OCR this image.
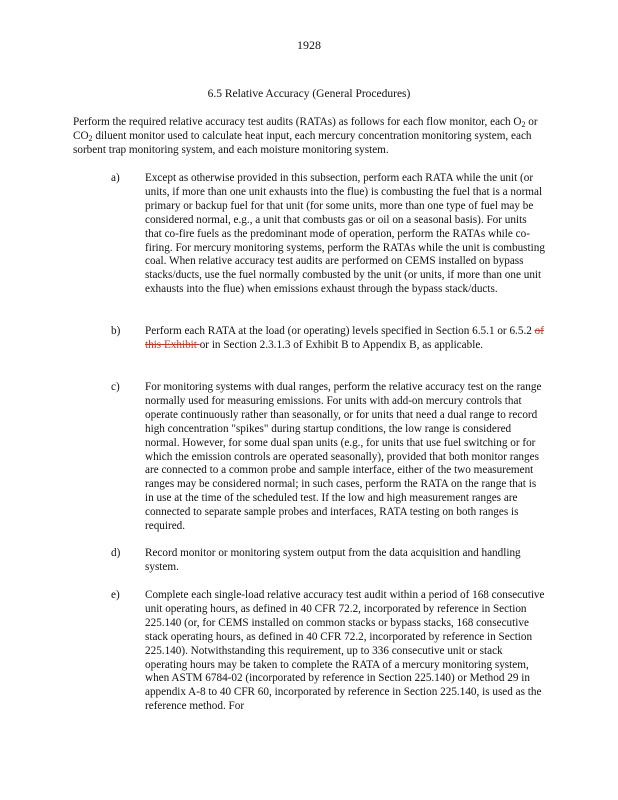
1928
6.5 Relative Accuracy (General Procedures)
Perform the required relative accuracy test audits (RATAs) as follows for each flow monitor, each $O_2$ or $CO_2$ diluent monitor used to calculate heat input, each mercury concentration monitoring system, each sorbent trap monitoring system, and each moisture monitoring system.
a)	Except as otherwise provided in this subsection, perform each RATA while the unit (or units, if more than one unit exhausts into the flue) is combusting the fuel that is a normal primary or backup fuel for that unit (for some units, more than one type of fuel may be considered normal, e.g., a unit that combusts gas or oil on a seasonal basis). For units that co-fire fuels as the predominant mode of operation, perform the RATAs while co-firing. For mercury monitoring systems, perform the RATAs while the unit is combusting coal. When relative accuracy test audits are performed on CEMS installed on bypass stacks/ducts, use the fuel normally combusted by the unit (or units, if more than one unit exhausts into the flue) when emissions exhaust through the bypass stack/ducts.
b)	Perform each RATA at the load (or operating) levels specified in Section 6.5.1 or 6.5.2 of this Exhibit or in Section 2.3.1.3 of Exhibit B to Appendix B, as applicable.
c)	For monitoring systems with dual ranges, perform the relative accuracy test on the range normally used for measuring emissions. For units with add-on mercury controls that operate continuously rather than seasonally, or for units that need a dual range to record high concentration "spikes" during startup conditions, the low range is considered normal. However, for some dual span units (e.g., for units that use fuel switching or for which the emission controls are operated seasonally), provided that both monitor ranges are connected to a common probe and sample interface, either of the two measurement ranges may be considered normal; in such cases, perform the RATA on the range that is in use at the time of the scheduled test. If the low and high measurement ranges are connected to separate sample probes and interfaces, RATA testing on both ranges is required.
d)	Record monitor or monitoring system output from the data acquisition and handling system.
e)	Complete each single-load relative accuracy test audit within a period of 168 consecutive unit operating hours, as defined in 40 CFR 72.2, incorporated by reference in Section 225.140 (or, for CEMS installed on common stacks or bypass stacks, 168 consecutive stack operating hours, as defined in 40 CFR 72.2, incorporated by reference in Section 225.140). Notwithstanding this requirement, up to 336 consecutive unit or stack operating hours may be taken to complete the RATA of a mercury monitoring system, when ASTM 6784-02 (incorporated by reference in Section 225.140) or Method 29 in appendix A-8 to 40 CFR 60, incorporated by reference in Section 225.140, is used as the reference method. For
